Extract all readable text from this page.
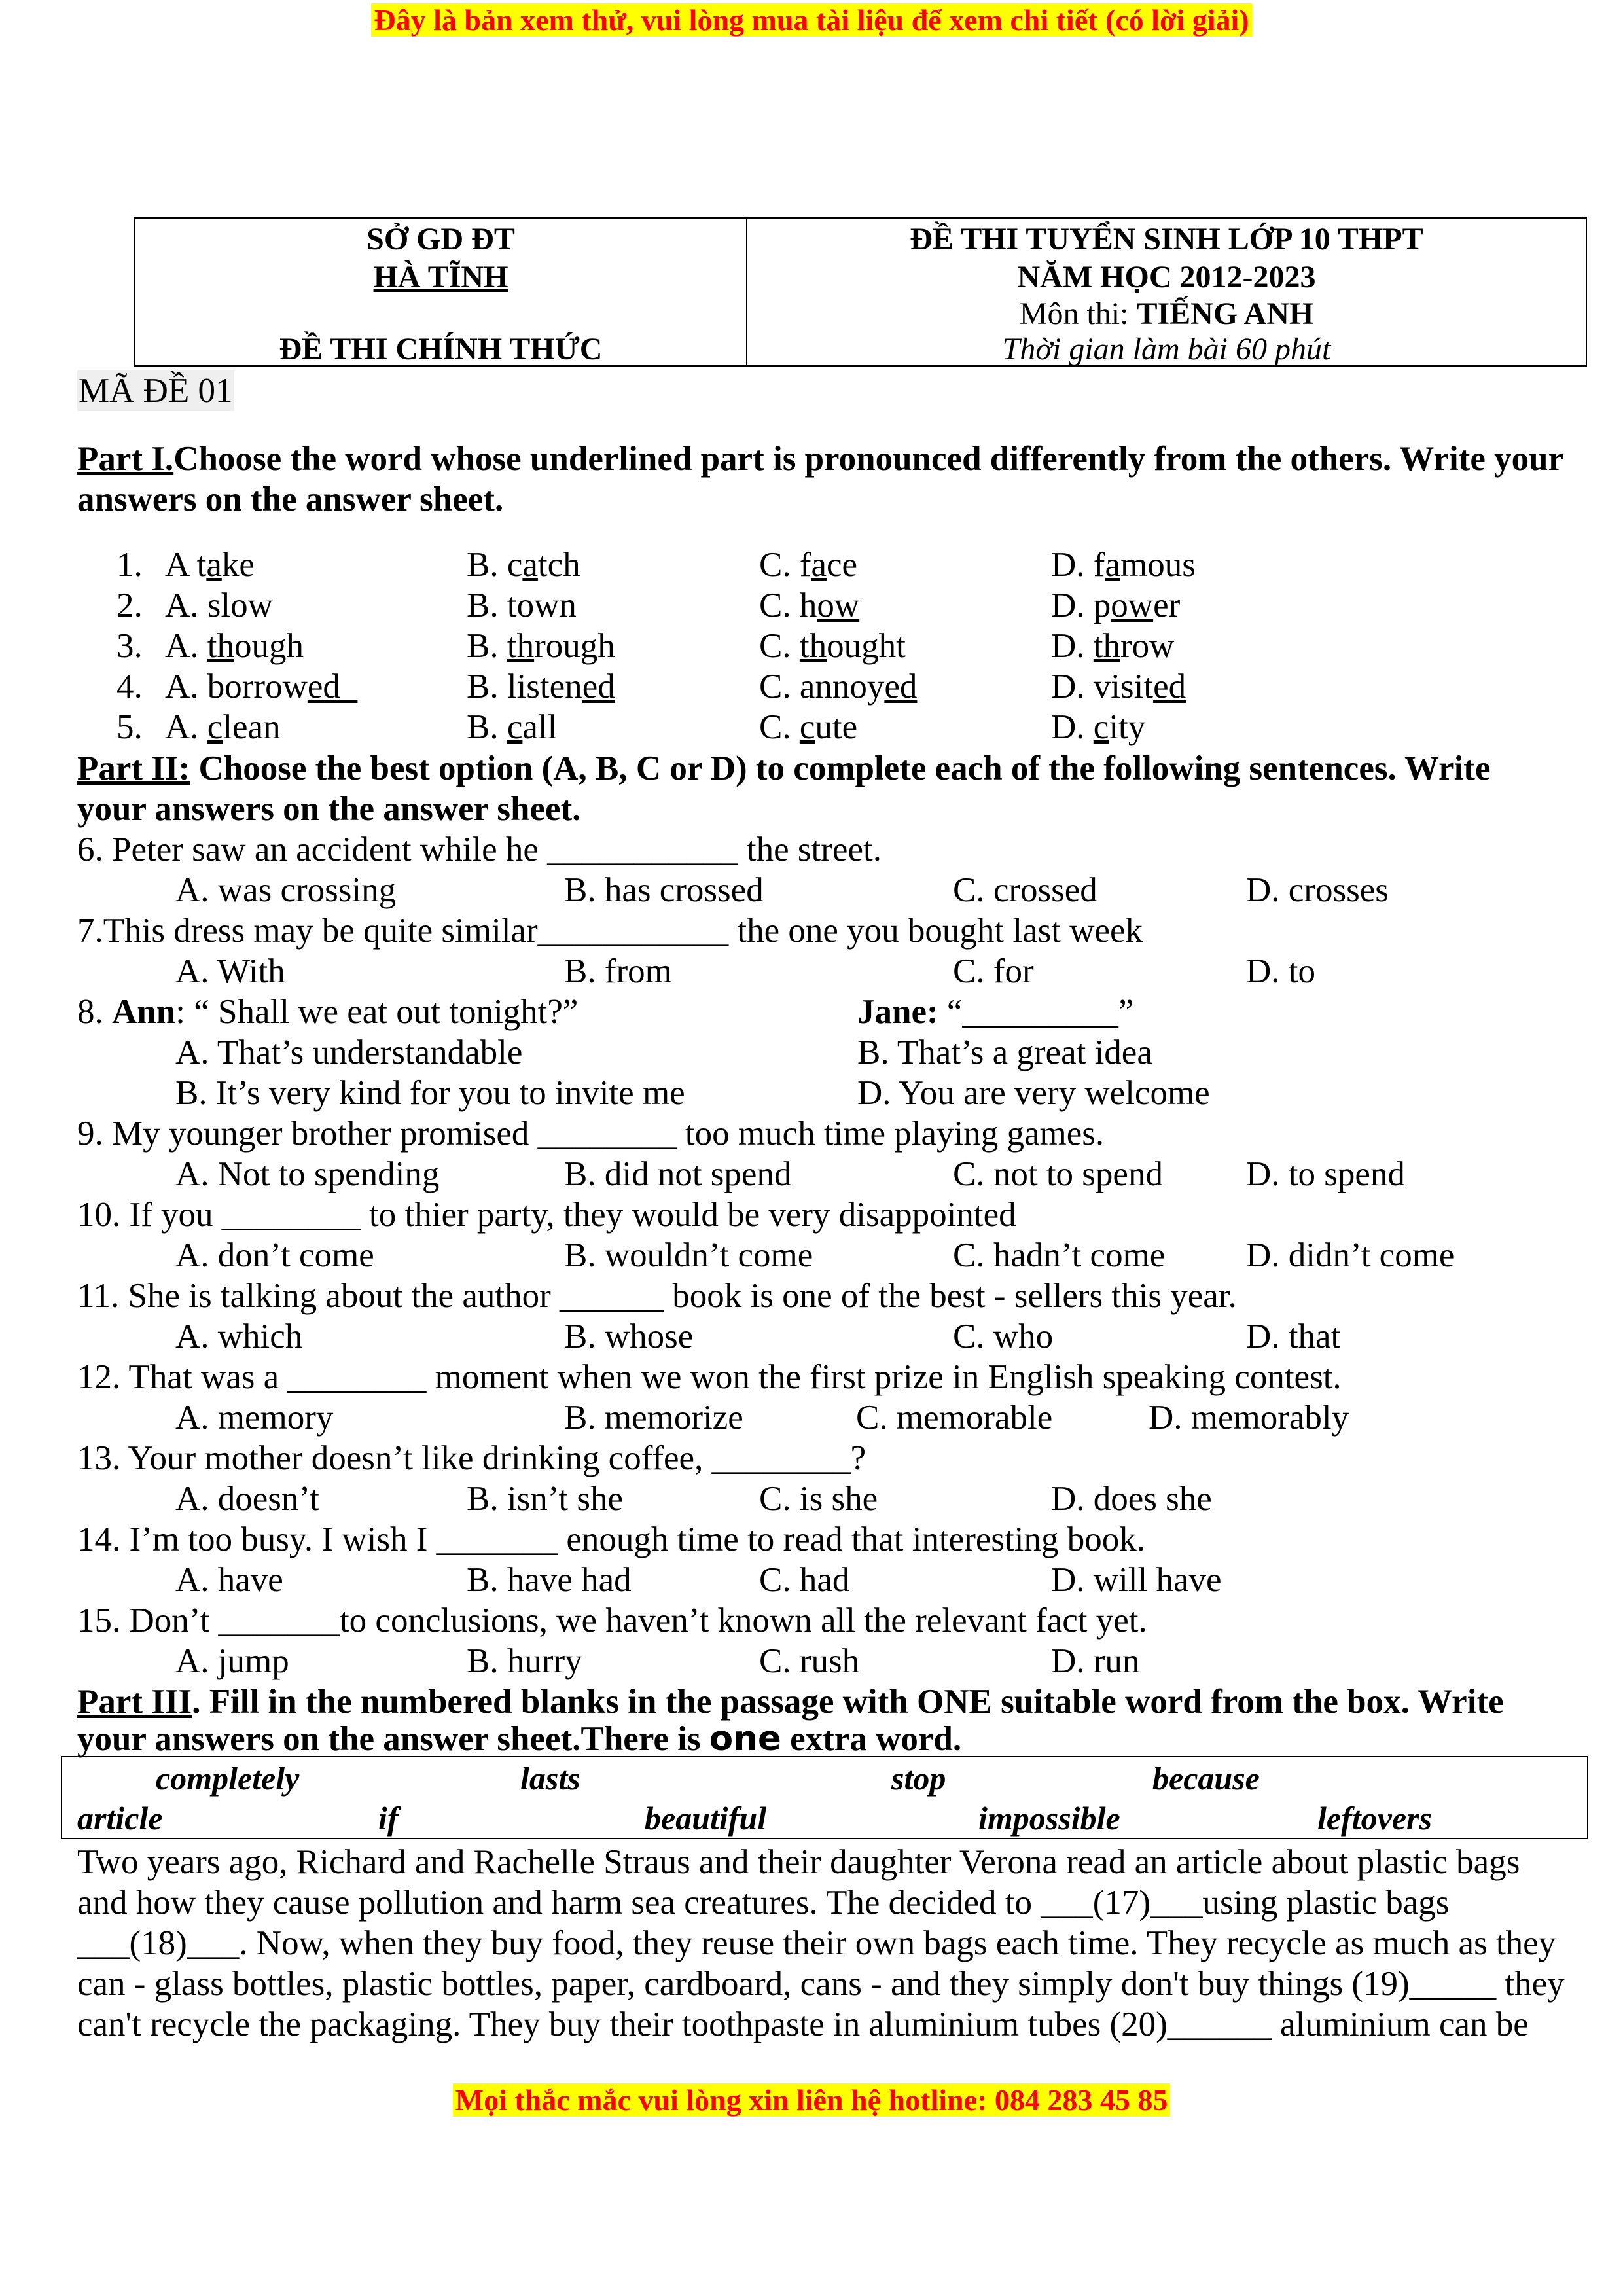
Đây là bản xem thử, vui lòng mua tài liệu để xem chi tiết (có lời giải)
SỞ GD ĐT
HÀ TĨNH
ĐỀ THI CHÍNH THỨC
ĐỀ THI TUYỂN SINH LỚP 10 THPT
NĂM HỌC 2012-2023
Môn thi: TIẾNG ANH
Thời gian làm bài 60 phút
MÃ ĐỀ 01
Part I.Choose the word whose underlined part is pronounced differently from the others. Write your
answers on the answer sheet.
1. A take	B. catch	C. face	D. famous
2. A. slow	B. town	C. how	D. power
3. A. though	B. through	C. thought	D. throw
4. A. borrowed	B. listened	C. annoyed	D. visited
5. A. clean	B. call	C. cute	D. city
Part II: Choose the best option (A, B, C or D) to complete each of the following sentences. Write
your answers on the answer sheet.
6. Peter saw an accident while he ___________ the street.
A. was crossing	B. has crossed	C. crossed	D. crosses
7.This dress may be quite similar___________ the one you bought last week
A. With	B. from	C. for	D. to
8. Ann: “ Shall we eat out tonight?”	Jane: “_________”
A. That’s understandable	B. That’s a great idea
B. It’s very kind for you to invite me	D. You are very welcome
9. My younger brother promised ________ too much time playing games.
A. Not to spending	B. did not spend	C. not to spend D. to spend
10. If you ________ to thier party, they would be very disappointed
A. don’t come	B. wouldn’t come	C. hadn’t come D. didn’t come
11. She is talking about the author ______ book is one of the best - sellers this year.
A. which	B. whose	C. who	D. that
12. That was a ________ moment when we won the first prize in English speaking contest.
A. memory	B. memorize	C. memorable	D. memorably
13. Your mother doesn’t like drinking coffee, ________?
A. doesn’t	B. isn’t she	C. is she	D. does she
14. I’m too busy. I wish I _______ enough time to read that interesting book.
A. have	B. have had	C. had	D. will have
15. Don’t _______to conclusions, we haven’t known all the relevant fact yet.
A. jump	B. hurry	C. rush	D. run
Part III. Fill in the numbered blanks in the passage with ONE suitable word from the box. Write
your answers on the answer sheet.There is one extra word.
completely	lasts	stop	because
article	if	beautiful	impossible	leftovers
Two years ago, Richard and Rachelle Straus and their daughter Verona read an article about plastic bags
and how they cause pollution and harm sea creatures. The decided to ___(17)___using plastic bags
___(18)___. Now, when they buy food, they reuse their own bags each time. They recycle as much as they
can - glass bottles, plastic bottles, paper, cardboard, cans - and they simply don't buy things (19)_____ they
can't recycle the packaging. They buy their toothpaste in aluminium tubes (20)______ aluminium can be
Mọi thắc mắc vui lòng xin liên hệ hotline: 084 283 45 85
